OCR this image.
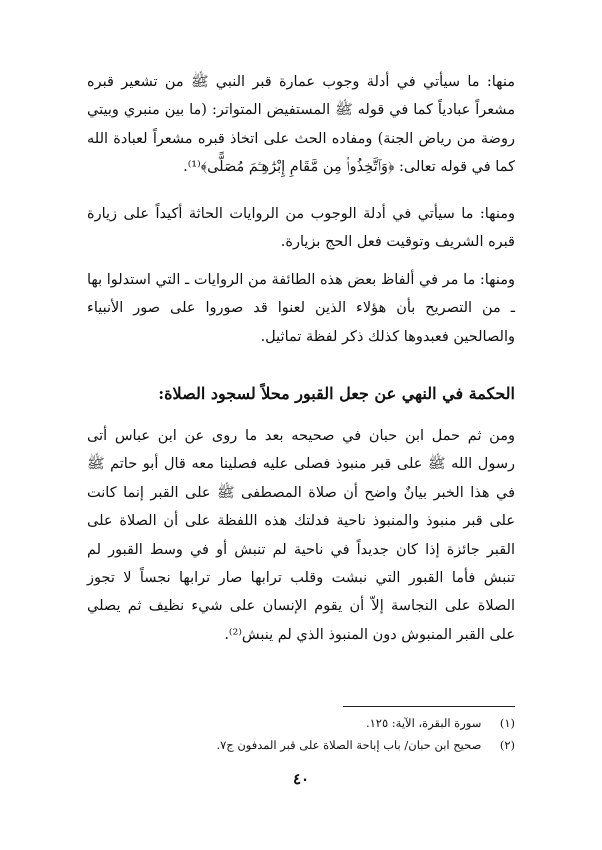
منها: ما سيأتي في أدلة وجوب عمارة قبر النبي ﷺ من تشعير قبره مشعراً عبادياً كما في قوله ﷺ المستفيض المتواتر: (ما بين منبري وبيتي روضة من رياض الجنة) ومفاده الحث على اتخاذ قبره مشعراً لعبادة الله كما في قوله تعالى: ﴿وَٱتَّخِذُوا۟ مِن مَّقَامِ إِبْرَٰهِـۧمَ مُصَلًّى﴾⁽¹⁾.

ومنها: ما سيأتي في أدلة الوجوب من الروايات الحاثة أكيداً على زيارة قبره الشريف وتوقيت فعل الحج بزيارة.

ومنها: ما مر في ألفاظ بعض هذه الطائفة من الروايات ـ التي استدلوا بها ـ من التصريح بأن هؤلاء الذين لعنوا قد صوروا على صور الأنبياء والصالحين فعبدوها كذلك ذكر لفظة تماثيل.

الحكمة في النهي عن جعل القبور محلاً لسجود الصلاة:

ومن ثم حمل ابن حبان في صحيحه بعد ما روى عن ابن عباس أتى رسول الله ﷺ على قبر منبوذ فصلى عليه فصلينا معه قال أبو حاتم ﷺ في هذا الخبر بيانٌ واضح أن صلاة المصطفى ﷺ على القبر إنما كانت على قبر منبوذ والمنبوذ ناحية فدلتك هذه اللفظة على أن الصلاة على القبر جائزة إذا كان جديداً في ناحية لم تنبش أو في وسط القبور لم تنبش فأما القبور التي نبشت وقلب ترابها صار ترابها نجساً لا تجوز الصلاة على النجاسة إلاّ أن يقوم الإنسان على شيء نظيف ثم يصلي على القبر المنبوش دون المنبوذ الذي لم ينبش⁽²⁾.

(١) سورة البقرة، الآية: ١٢٥.

(٢) صحيح ابن حبان/ باب إباحة الصلاة على قبر المدفون ج٧.

٤٠
